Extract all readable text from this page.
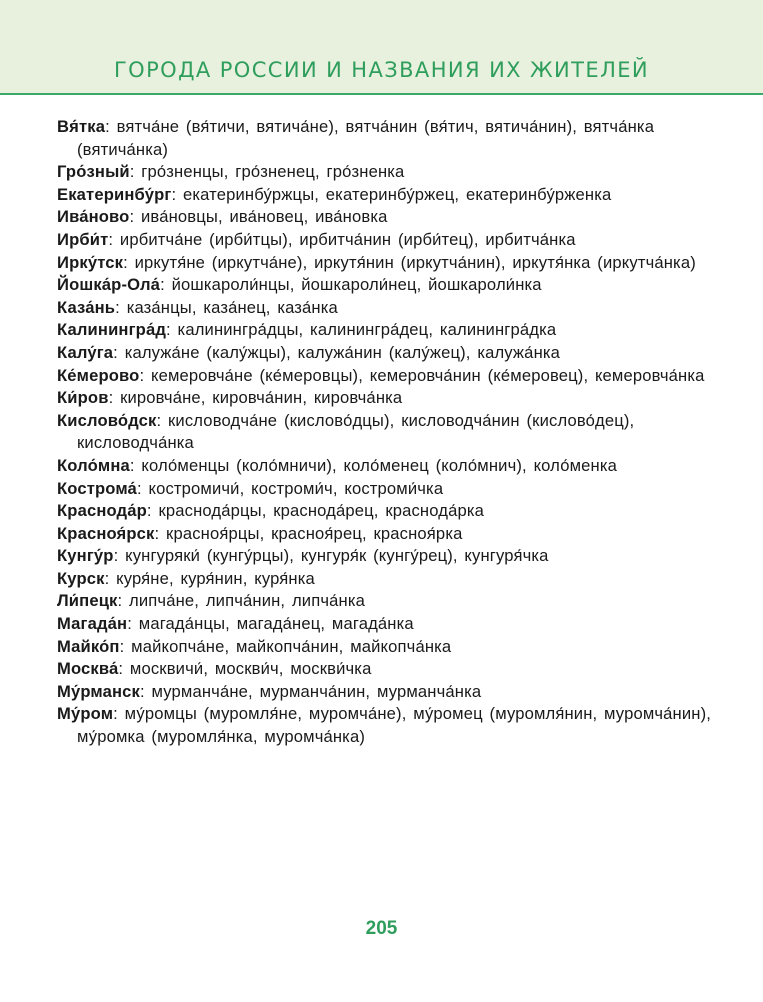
ГОРОДА РОССИИ И НАЗВАНИЯ ИХ ЖИТЕЛЕЙ
Вя́тка: вятча́не (вя́тичи, вятича́не), вятча́нин (вя́тич, вятича́нин), вятча́нка (вятича́нка)
Гро́зный: гро́зненцы, гро́зненец, гро́зненка
Екатеринбу́рг: екатеринбу́ржцы, екатеринбу́ржец, екатеринбу́рженка
Ива́ново: ива́новцы, ива́новец, ива́новка
Ирби́т: ирбитча́не (ирби́тцы), ирбитча́нин (ирби́тец), ирбитча́нка
Ирку́тск: иркутя́не (иркутча́не), иркутя́нин (иркутча́нин), иркутя́нка (иркутча́нка)
Йошка́р-Ола́: йошкароли́нцы, йошкароли́нец, йошкароли́нка
Каза́нь: каза́нцы, каза́нец, каза́нка
Калинингра́д: калинингра́дцы, калинингра́дец, калинингра́дка
Калу́га: калужа́не (калу́жцы), калужа́нин (калу́жец), калужа́нка
Ке́мерово: кемеровча́не (ке́меровцы), кемеровча́нин (ке́меровец), кемеровча́нка
Ки́ров: кировча́не, кировча́нин, кировча́нка
Кислово́дск: кисловодча́не (кислово́дцы), кисловодча́нин (кислово́дец), кисловодча́нка
Коло́мна: коло́менцы (коло́мничи), коло́менец (коло́мнич), коло́менка
Кострома́: костромичи́, костроми́ч, костроми́чка
Краснода́р: краснода́рцы, краснода́рец, краснода́рка
Красноя́рск: красноя́рцы, красноя́рец, красноя́рка
Кунгу́р: кунгуряки́ (кунгу́рцы), кунгуря́к (кунгу́рец), кунгуря́чка
Курск: куря́не, куря́нин, куря́нка
Ли́пецк: липча́не, липча́нин, липча́нка
Магада́н: магада́нцы, магада́нец, магада́нка
Майко́п: майкопча́не, майкопча́нин, майкопча́нка
Москва́: москвичи́, москви́ч, москви́чка
Му́рманск: мурманча́не, мурманча́нин, мурманча́нка
Му́ром: му́ромцы (муромля́не, муромча́не), му́ромец (муромля́нин, муромча́нин), му́ромка (муромля́нка, муромча́нка)
205
